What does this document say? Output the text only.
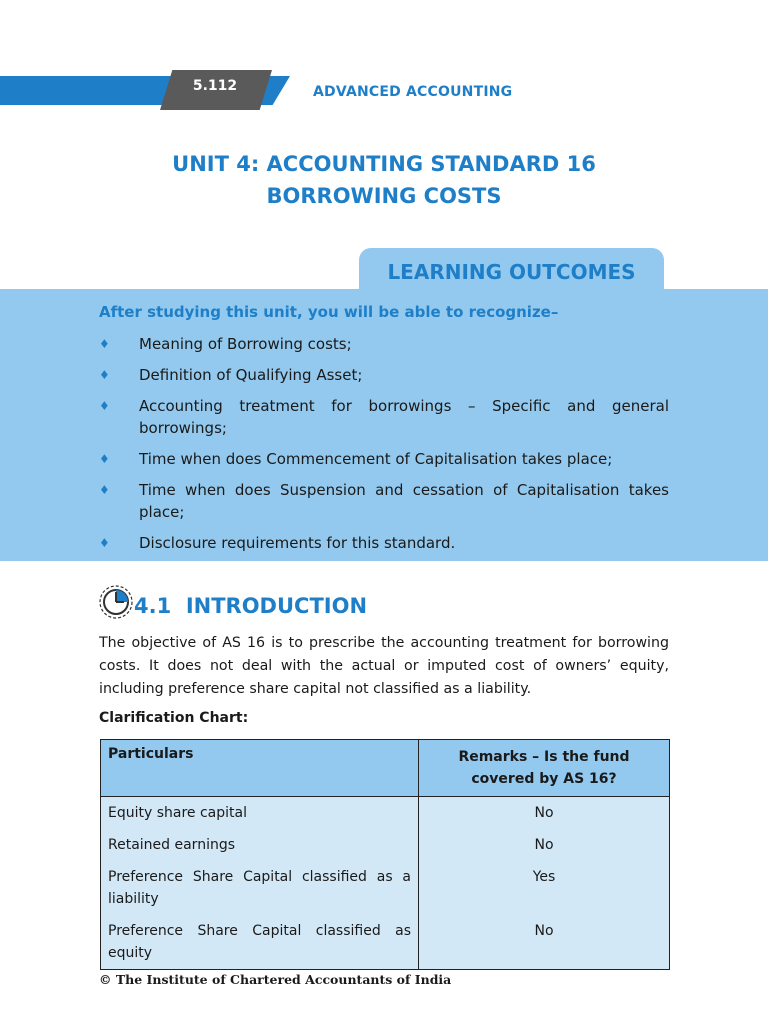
5.112	ADVANCED ACCOUNTING
UNIT 4: ACCOUNTING STANDARD 16
BORROWING COSTS
LEARNING OUTCOMES
After studying this unit, you will be able to recognize–
♦ Meaning of Borrowing costs;
♦ Definition of Qualifying Asset;
♦ Accounting treatment for borrowings – Specific and general borrowings;
♦ Time when does Commencement of Capitalisation takes place;
♦ Time when does Suspension and cessation of Capitalisation takes place;
♦ Disclosure requirements for this standard.
4.1  INTRODUCTION
The objective of AS 16 is to prescribe the accounting treatment for borrowing costs. It does not deal with the actual or imputed cost of owners’ equity, including preference share capital not classified as a liability.
Clarification Chart:
Particulars	Remarks – Is the fund covered by AS 16?
Equity share capital	No
Retained earnings	No
Preference Share Capital classified as a liability	Yes
Preference Share Capital classified as equity	No
© The Institute of Chartered Accountants of India
